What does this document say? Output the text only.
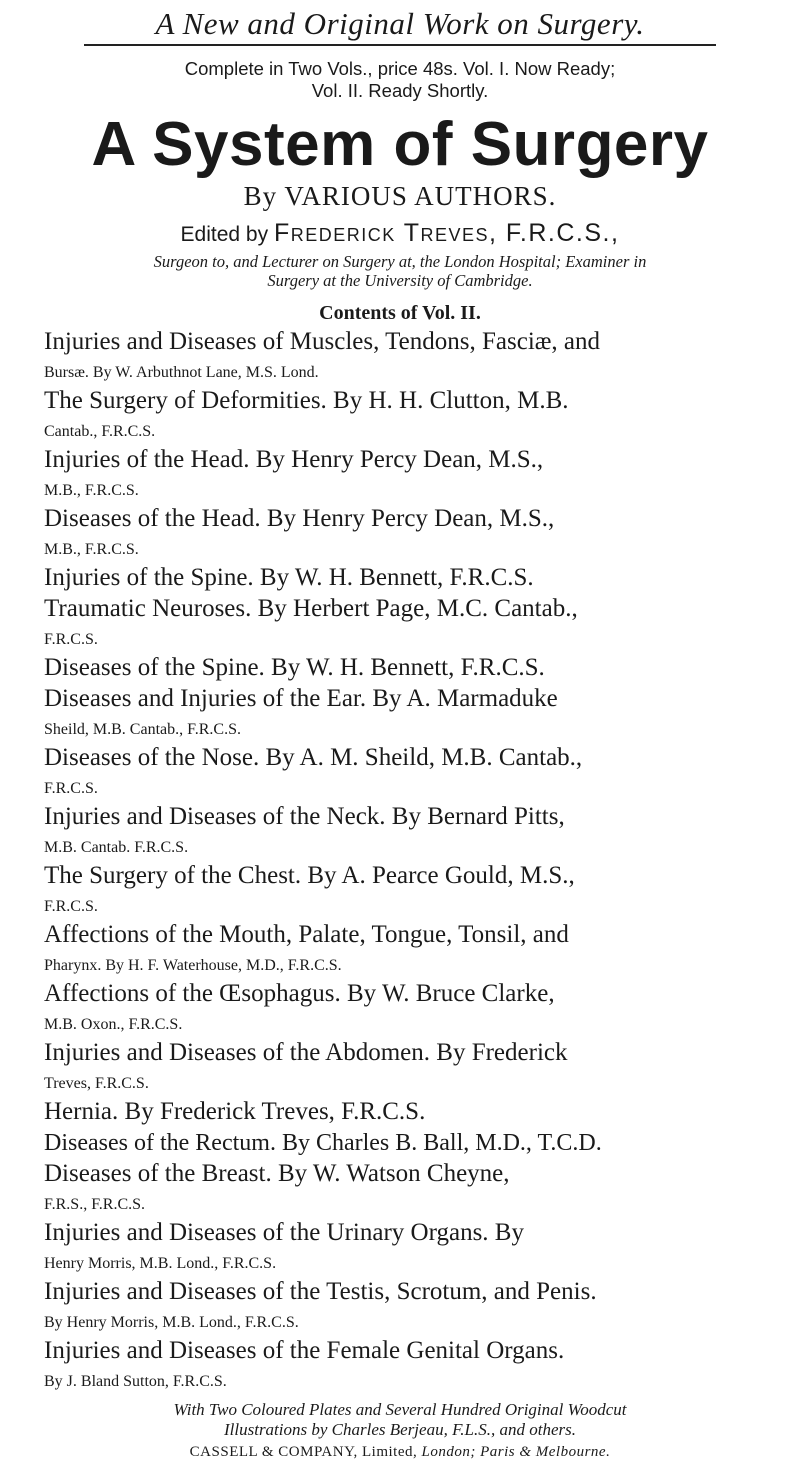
A New and Original Work on Surgery.
Complete in Two Vols., price 48s. Vol. I. Now Ready;
Vol. II. Ready Shortly.
A System of Surgery
By VARIOUS AUTHORS.
Edited by Frederick Treves, F.R.C.S.,
Surgeon to, and Lecturer on Surgery at, the London Hospital; Examiner in
Surgery at the University of Cambridge.
Contents of Vol. II.
Injuries and Diseases of Muscles, Tendons, Fasciæ, and
Bursæ. By W. Arbuthnot Lane, M.S. Lond.
The Surgery of Deformities. By H. H. Clutton, M.B.
Cantab., F.R.C.S.
Injuries of the Head. By Henry Percy Dean, M.S.,
M.B., F.R.C.S.
Diseases of the Head. By Henry Percy Dean, M.S.,
M.B., F.R.C.S.
Injuries of the Spine. By W. H. Bennett, F.R.C.S.
Traumatic Neuroses. By Herbert Page, M.C. Cantab.,
F.R.C.S.
Diseases of the Spine. By W. H. Bennett, F.R.C.S.
Diseases and Injuries of the Ear. By A. Marmaduke
Sheild, M.B. Cantab., F.R.C.S.
Diseases of the Nose. By A. M. Sheild, M.B. Cantab.,
F.R.C.S.
Injuries and Diseases of the Neck. By Bernard Pitts,
M.B. Cantab. F.R.C.S.
The Surgery of the Chest. By A. Pearce Gould, M.S.,
F.R.C.S.
Affections of the Mouth, Palate, Tongue, Tonsil, and
Pharynx. By H. F. Waterhouse, M.D., F.R.C.S.
Affections of the Œsophagus. By W. Bruce Clarke,
M.B. Oxon., F.R.C.S.
Injuries and Diseases of the Abdomen. By Frederick
Treves, F.R.C.S.
Hernia. By Frederick Treves, F.R.C.S.
Diseases of the Rectum. By Charles B. Ball, M.D., T.C.D.
Diseases of the Breast. By W. Watson Cheyne,
F.R.S., F.R.C.S.
Injuries and Diseases of the Urinary Organs. By
Henry Morris, M.B. Lond., F.R.C.S.
Injuries and Diseases of the Testis, Scrotum, and Penis.
By Henry Morris, M.B. Lond., F.R.C.S.
Injuries and Diseases of the Female Genital Organs.
By J. Bland Sutton, F.R.C.S.
With Two Coloured Plates and Several Hundred Original Woodcut
Illustrations by Charles Berjeau, F.L.S., and others.
CASSELL & COMPANY, Limited, London; Paris & Melbourne.
